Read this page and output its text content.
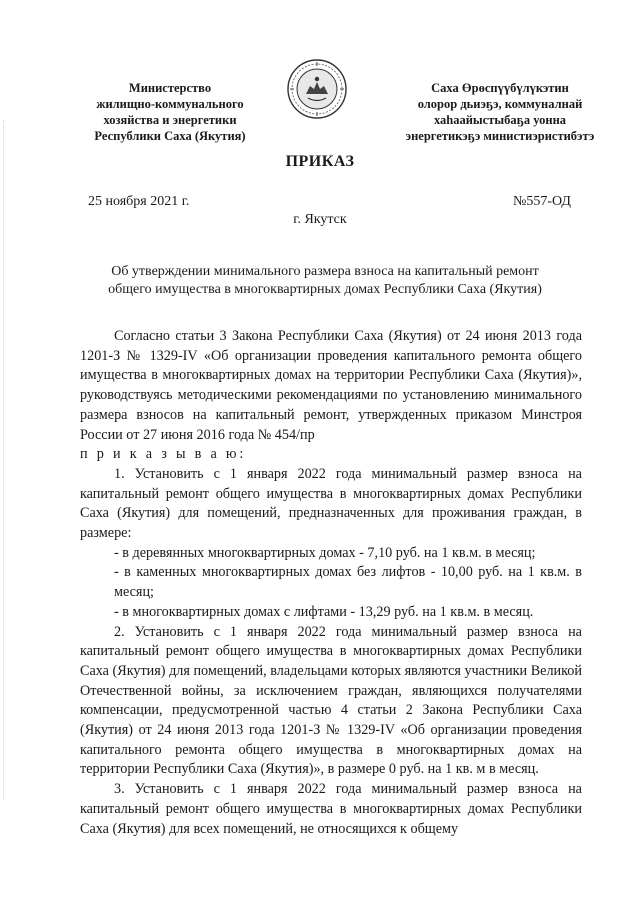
Министерство
жилищно-коммунального
хозяйства и энергетики
Республики Саха (Якутия)
Саха Өрөспүүбүлүкэтин
олорор дьиэҕэ, коммуналнай
хаһаайыстыбаҕа уонна
энергетикэҕэ министиэристибэтэ
ПРИКАЗ
25 ноября 2021 г.	№557-ОД
г. Якутск
Об утверждении минимального размера взноса на капитальный ремонт
общего имущества в многоквартирных домах Республики Саха (Якутия)

Согласно статьи 3 Закона Республики Саха (Якутия) от 24 июня 2013 года 1201-З № 1329-IV «Об организации проведения капитального ремонта общего имущества в многоквартирных домах на территории Республики Саха (Якутия)», руководствуясь методическими рекомендациями по установлению минимального размера взносов на капитальный ремонт, утвержденных приказом Минстроя России от 27 июня 2016 года № 454/пр

п р и к а з ы в а ю:

1. Установить с 1 января 2022 года минимальный размер взноса на капитальный ремонт общего имущества в многоквартирных домах Республики Саха (Якутия) для помещений, предназначенных для проживания граждан, в размере:

- в деревянных многоквартирных домах - 7,10 руб. на 1 кв.м. в месяц;

- в каменных многоквартирных домах без лифтов - 10,00 руб. на 1 кв.м. в месяц;

- в многоквартирных домах с лифтами - 13,29 руб. на 1 кв.м. в месяц.

2. Установить с 1 января 2022 года минимальный размер взноса на капитальный ремонт общего имущества в многоквартирных домах Республики Саха (Якутия) для помещений, владельцами которых являются участники Великой Отечественной войны, за исключением граждан, являющихся получателями компенсации, предусмотренной частью 4 статьи 2 Закона Республики Саха (Якутия) от 24 июня 2013 года 1201-З № 1329-IV «Об организации проведения капитального ремонта общего имущества в многоквартирных домах на территории Республики Саха (Якутия)», в размере 0 руб. на 1 кв. м в месяц.

3. Установить с 1 января 2022 года минимальный размер взноса на капитальный ремонт общего имущества в многоквартирных домах Республики Саха (Якутия) для всех помещений, не относящихся к общему
